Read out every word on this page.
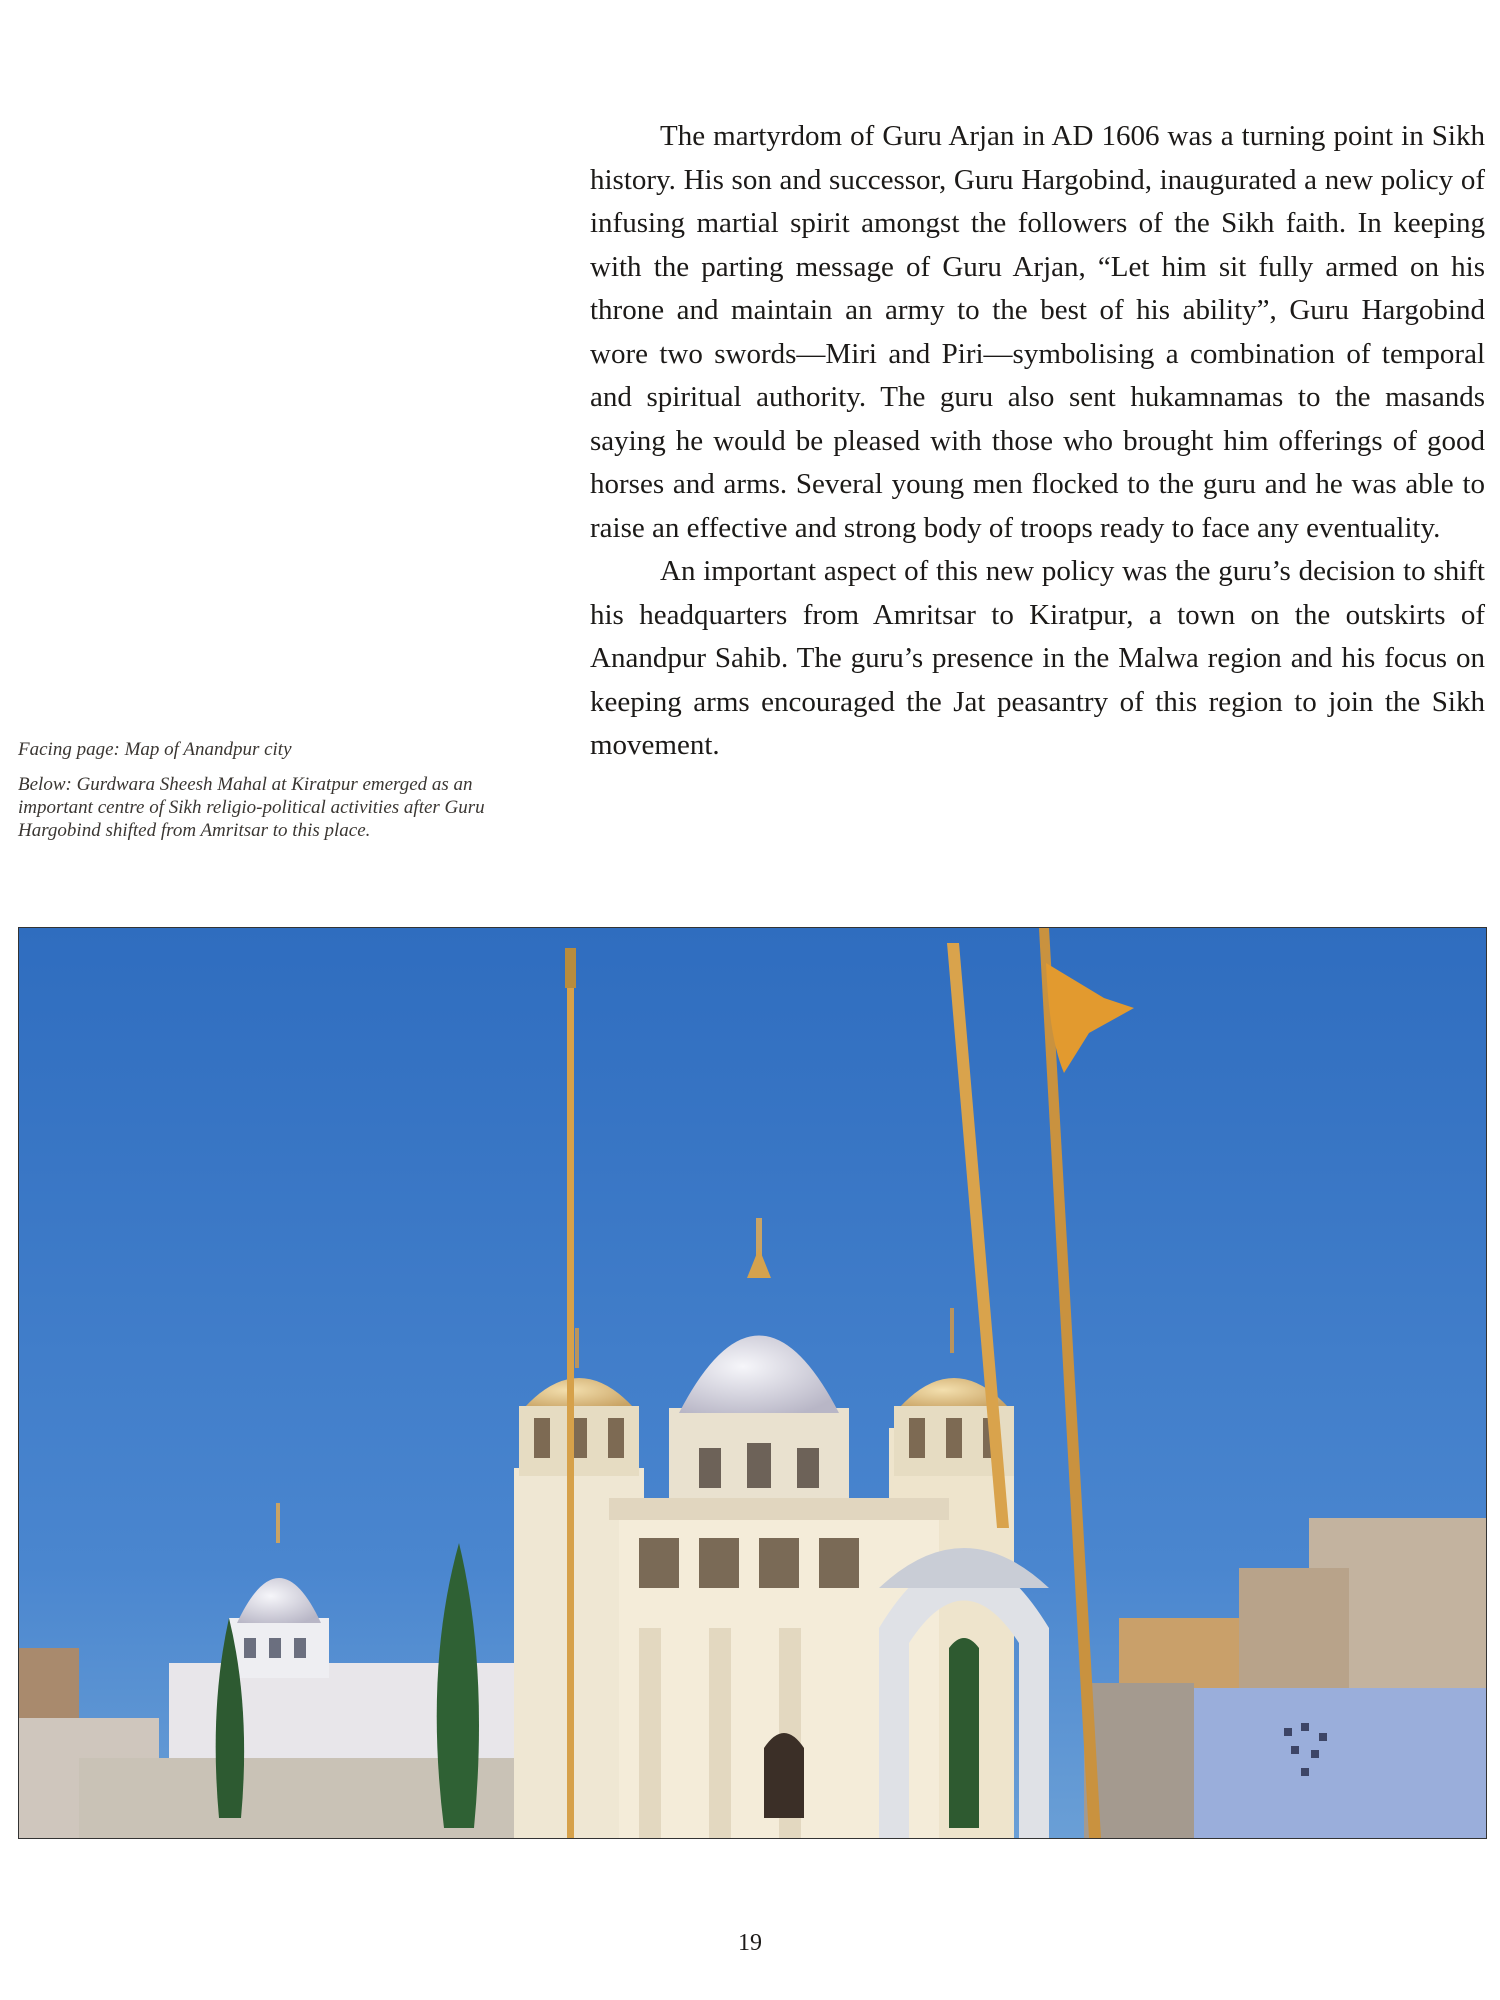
The martyrdom of Guru Arjan in AD 1606 was a turning point in Sikh history. His son and successor, Guru Hargobind, inaugurated a new policy of infusing martial spirit amongst the followers of the Sikh faith. In keeping with the parting message of Guru Arjan, “Let him sit fully armed on his throne and maintain an army to the best of his ability”, Guru Hargobind wore two swords—Miri and Piri—symbolising a combination of temporal and spiritual authority. The guru also sent hukamnamas to the masands saying he would be pleased with those who brought him offerings of good horses and arms. Several young men flocked to the guru and he was able to raise an effective and strong body of troops ready to face any eventuality.

An important aspect of this new policy was the guru’s decision to shift his headquarters from Amritsar to Kiratpur, a town on the outskirts of Anandpur Sahib. The guru’s presence in the Malwa region and his focus on keeping arms encouraged the Jat peasantry of this region to join the Sikh movement.

Facing page: Map of Anandpur city

Below: Gurdwara Sheesh Mahal at Kiratpur emerged as an important centre of Sikh religio-political activities after Guru Hargobind shifted from Amritsar to this place.

19
